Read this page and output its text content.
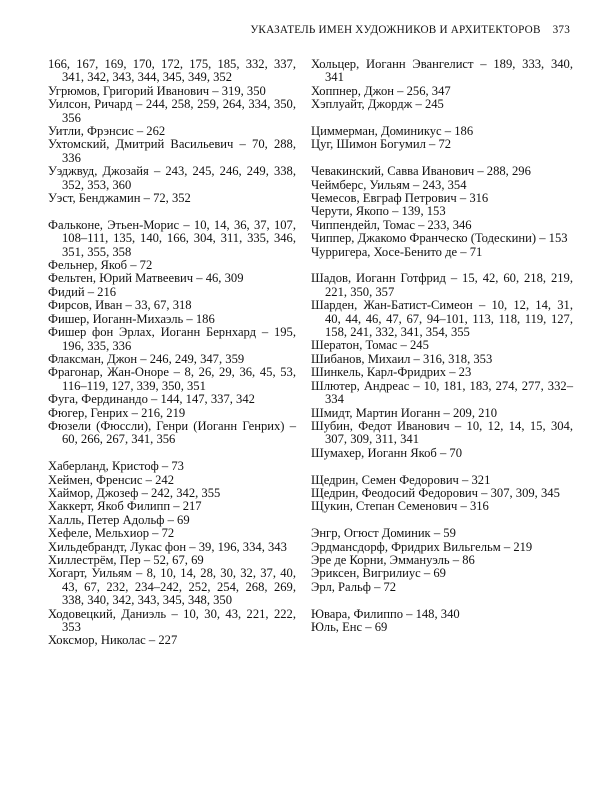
УКАЗАТЕЛЬ ИМЕН ХУДОЖНИКОВ И АРХИТЕКТОРОВ 373
166, 167, 169, 170, 172, 175, 185, 332, 337, 341, 342, 343, 344, 345, 349, 352
Угрюмов, Григорий Иванович – 319, 350
Уилсон, Ричард – 244, 258, 259, 264, 334, 350, 356
Уитли, Фрэнсис – 262
Ухтомский, Дмитрий Васильевич – 70, 288, 336
Уэджвуд, Джозайя – 243, 245, 246, 249, 338, 352, 353, 360
Уэст, Бенджамин – 72, 352
Фальконе, Этьен-Морис – 10, 14, 36, 37, 107, 108–111, 135, 140, 166, 304, 311, 335, 346, 351, 355, 358
Фельнер, Якоб – 72
Фельтен, Юрий Матвеевич – 46, 309
Фидий – 216
Фирсов, Иван – 33, 67, 318
Фишер, Иоганн-Михаэль – 186
Фишер фон Эрлах, Иоганн Бернхард – 195, 196, 335, 336
Флаксман, Джон – 246, 249, 347, 359
Фрагонар, Жан-Оноре – 8, 26, 29, 36, 45, 53, 116–119, 127, 339, 350, 351
Фуга, Фердинандо – 144, 147, 337, 342
Фюгер, Генрих – 216, 219
Фюзели (Фюссли), Генри (Иоганн Генрих) – 60, 266, 267, 341, 356
Хаберланд, Кристоф – 73
Хеймен, Френсис – 242
Хаймор, Джозеф – 242, 342, 355
Хаккерт, Якоб Филипп – 217
Халль, Петер Адольф – 69
Хефеле, Мельхиор – 72
Хильдебрандт, Лукас фон – 39, 196, 334, 343
Хиллестрём, Пер – 52, 67, 69
Хогарт, Уильям – 8, 10, 14, 28, 30, 32, 37, 40, 43, 67, 232, 234–242, 252, 254, 268, 269, 338, 340, 342, 343, 345, 348, 350
Ходовецкий, Даниэль – 10, 30, 43, 221, 222, 353
Хоксмор, Николас – 227
Хольцер, Иоганн Эвангелист – 189, 333, 340, 341
Хоппнер, Джон – 256, 347
Хэплуайт, Джордж – 245
Циммерман, Доминикус – 186
Цуг, Шимон Богумил – 72
Чевакинский, Савва Иванович – 288, 296
Чеймберс, Уильям – 243, 354
Чемесов, Евграф Петрович – 316
Черути, Якопо – 139, 153
Чиппендейл, Томас – 233, 346
Чиппер, Джакомо Франческо (Тодескини) – 153
Чурригера, Хосе-Бенито де – 71
Шадов, Иоганн Готфрид – 15, 42, 60, 218, 219, 221, 350, 357
Шарден, Жан-Батист-Симеон – 10, 12, 14, 31, 40, 44, 46, 47, 67, 94–101, 113, 118, 119, 127, 158, 241, 332, 341, 354, 355
Шератон, Томас – 245
Шибанов, Михаил – 316, 318, 353
Шинкель, Карл-Фридрих – 23
Шлютер, Андреас – 10, 181, 183, 274, 277, 332–334
Шмидт, Мартин Иоганн – 209, 210
Шубин, Федот Иванович – 10, 12, 14, 15, 304, 307, 309, 311, 341
Шумахер, Иоганн Якоб – 70
Щедрин, Семен Федорович – 321
Щедрин, Феодосий Федорович – 307, 309, 345
Щукин, Степан Семенович – 316
Энгр, Огюст Доминик – 59
Эрдмансдорф, Фридрих Вильгельм – 219
Эре де Корни, Эммануэль – 86
Эриксен, Вигрилиус – 69
Эрл, Ральф – 72
Ювара, Филиппо – 148, 340
Юль, Енс – 69
